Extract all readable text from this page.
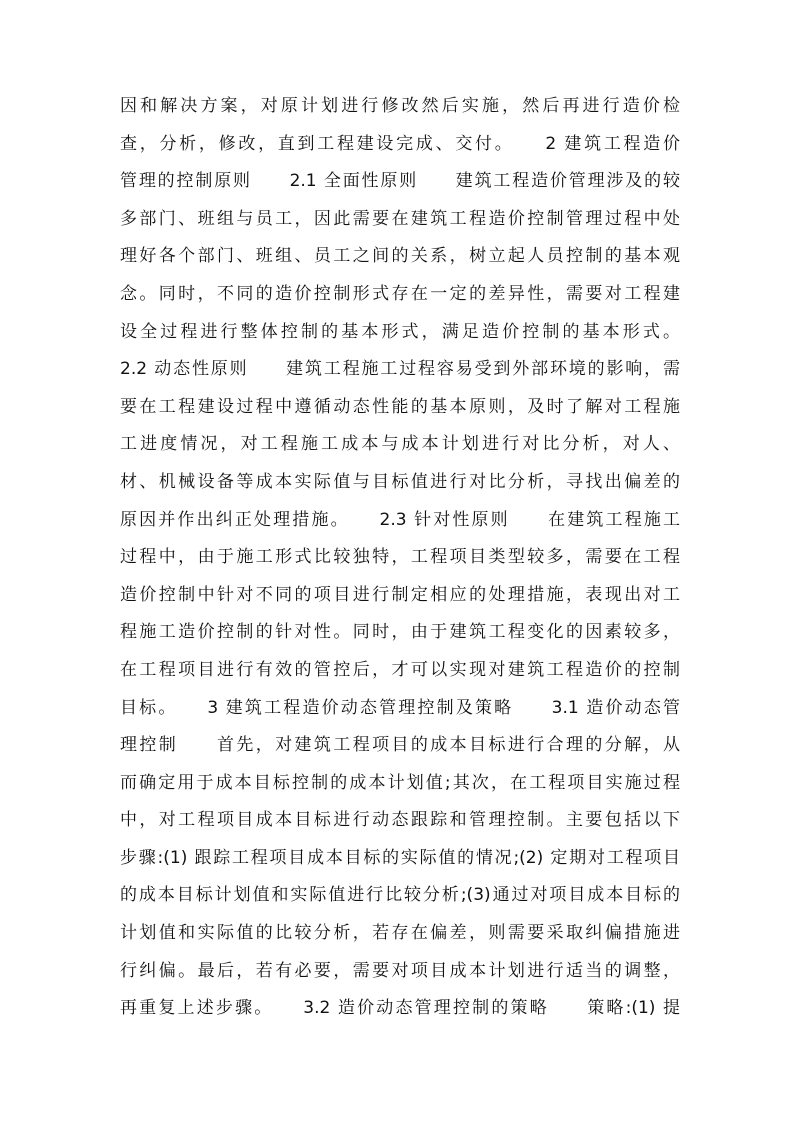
因和解决方案，对原计划进行修改然后实施，然后再进行造价检
查，分析，修改，直到工程建设完成、交付。　　2 建筑工程造价
管理的控制原则　　2.1 全面性原则　　建筑工程造价管理涉及的较
多部门、班组与员工，因此需要在建筑工程造价控制管理过程中处
理好各个部门、班组、员工之间的关系，树立起人员控制的基本观
念。同时，不同的造价控制形式存在一定的差异性，需要对工程建
设全过程进行整体控制的基本形式，满足造价控制的基本形式。
2.2 动态性原则　　建筑工程施工过程容易受到外部环境的影响，需
要在工程建设过程中遵循动态性能的基本原则，及时了解对工程施
工进度情况，对工程施工成本与成本计划进行对比分析，对人、
材、机械设备等成本实际值与目标值进行对比分析，寻找出偏差的
原因并作出纠正处理措施。　　2.3 针对性原则　　在建筑工程施工
过程中，由于施工形式比较独特，工程项目类型较多，需要在工程
造价控制中针对不同的项目进行制定相应的处理措施，表现出对工
程施工造价控制的针对性。同时，由于建筑工程变化的因素较多，
在工程项目进行有效的管控后，才可以实现对建筑工程造价的控制
目标。　　3 建筑工程造价动态管理控制及策略　　3.1 造价动态管
理控制　　首先，对建筑工程项目的成本目标进行合理的分解，从
而确定用于成本目标控制的成本计划值;其次，在工程项目实施过程
中，对工程项目成本目标进行动态跟踪和管理控制。主要包括以下
步骤:(1) 跟踪工程项目成本目标的实际值的情况;(2) 定期对工程项目
的成本目标计划值和实际值进行比较分析;(3)通过对项目成本目标的
计划值和实际值的比较分析，若存在偏差，则需要采取纠偏措施进
行纠偏。最后，若有必要，需要对项目成本计划进行适当的调整，
再重复上述步骤。　　3.2 造价动态管理控制的策略　　策略:(1) 提
